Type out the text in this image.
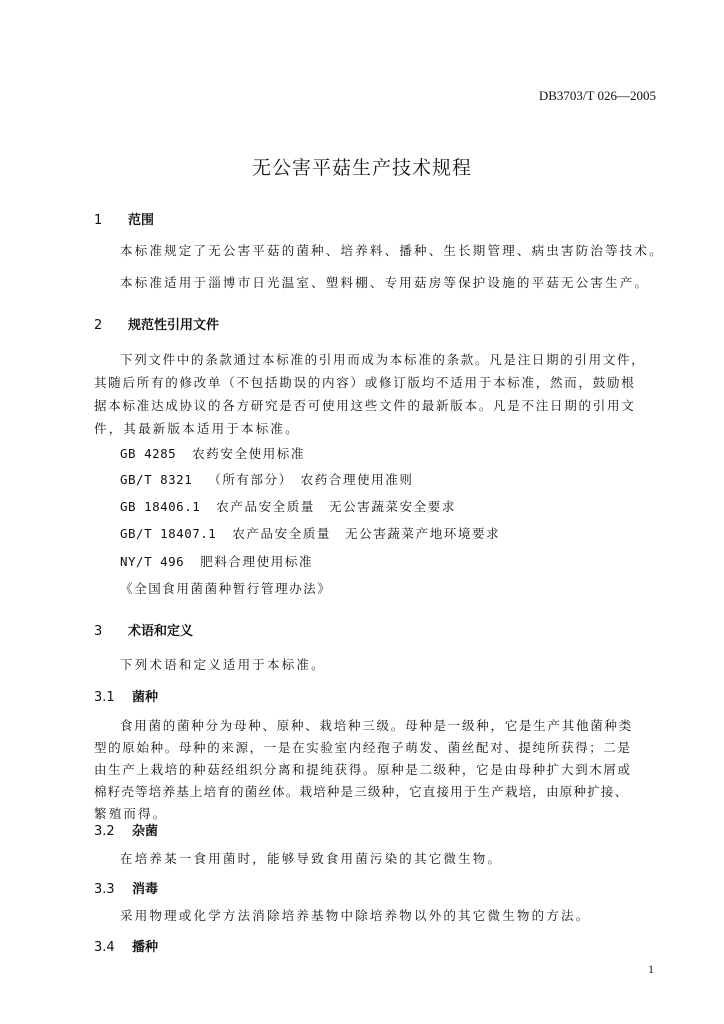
DB3703/T 026—2005
无公害平菇生产技术规程
1 范围
本标准规定了无公害平菇的菌种、培养料、播种、生长期管理、病虫害防治等技术。
本标准适用于淄博市日光温室、塑料棚、专用菇房等保护设施的平菇无公害生产。
2 规范性引用文件
下列文件中的条款通过本标准的引用而成为本标准的条款。凡是注日期的引用文件，
其随后所有的修改单（不包括勘误的内容）或修订版均不适用于本标准，然而，鼓励根
据本标准达成协议的各方研究是否可使用这些文件的最新版本。凡是不注日期的引用文
件，其最新版本适用于本标准。
GB 4285 农药安全使用标准
GB/T 8321 （所有部分）　农药合理使用准则
GB 18406.1 农产品安全质量　无公害蔬菜安全要求
GB/T 18407.1 农产品安全质量　无公害蔬菜产地环境要求
NY/T 496 肥料合理使用标准
《全国食用菌菌种暂行管理办法》
3 术语和定义
下列术语和定义适用于本标准。
3.1 菌种
食用菌的菌种分为母种、原种、栽培种三级。母种是一级种，它是生产其他菌种类
型的原始种。母种的来源，一是在实验室内经孢子萌发、菌丝配对、提纯所获得；二是
由生产上栽培的种菇经组织分离和提纯获得。原种是二级种，它是由母种扩大到木屑或
棉籽壳等培养基上培育的菌丝体。栽培种是三级种，它直接用于生产栽培，由原种扩接、
繁殖而得。
3.2 杂菌
在培养某一食用菌时，能够导致食用菌污染的其它微生物。
3.3 消毒
采用物理或化学方法消除培养基物中除培养物以外的其它微生物的方法。
3.4 播种
1
